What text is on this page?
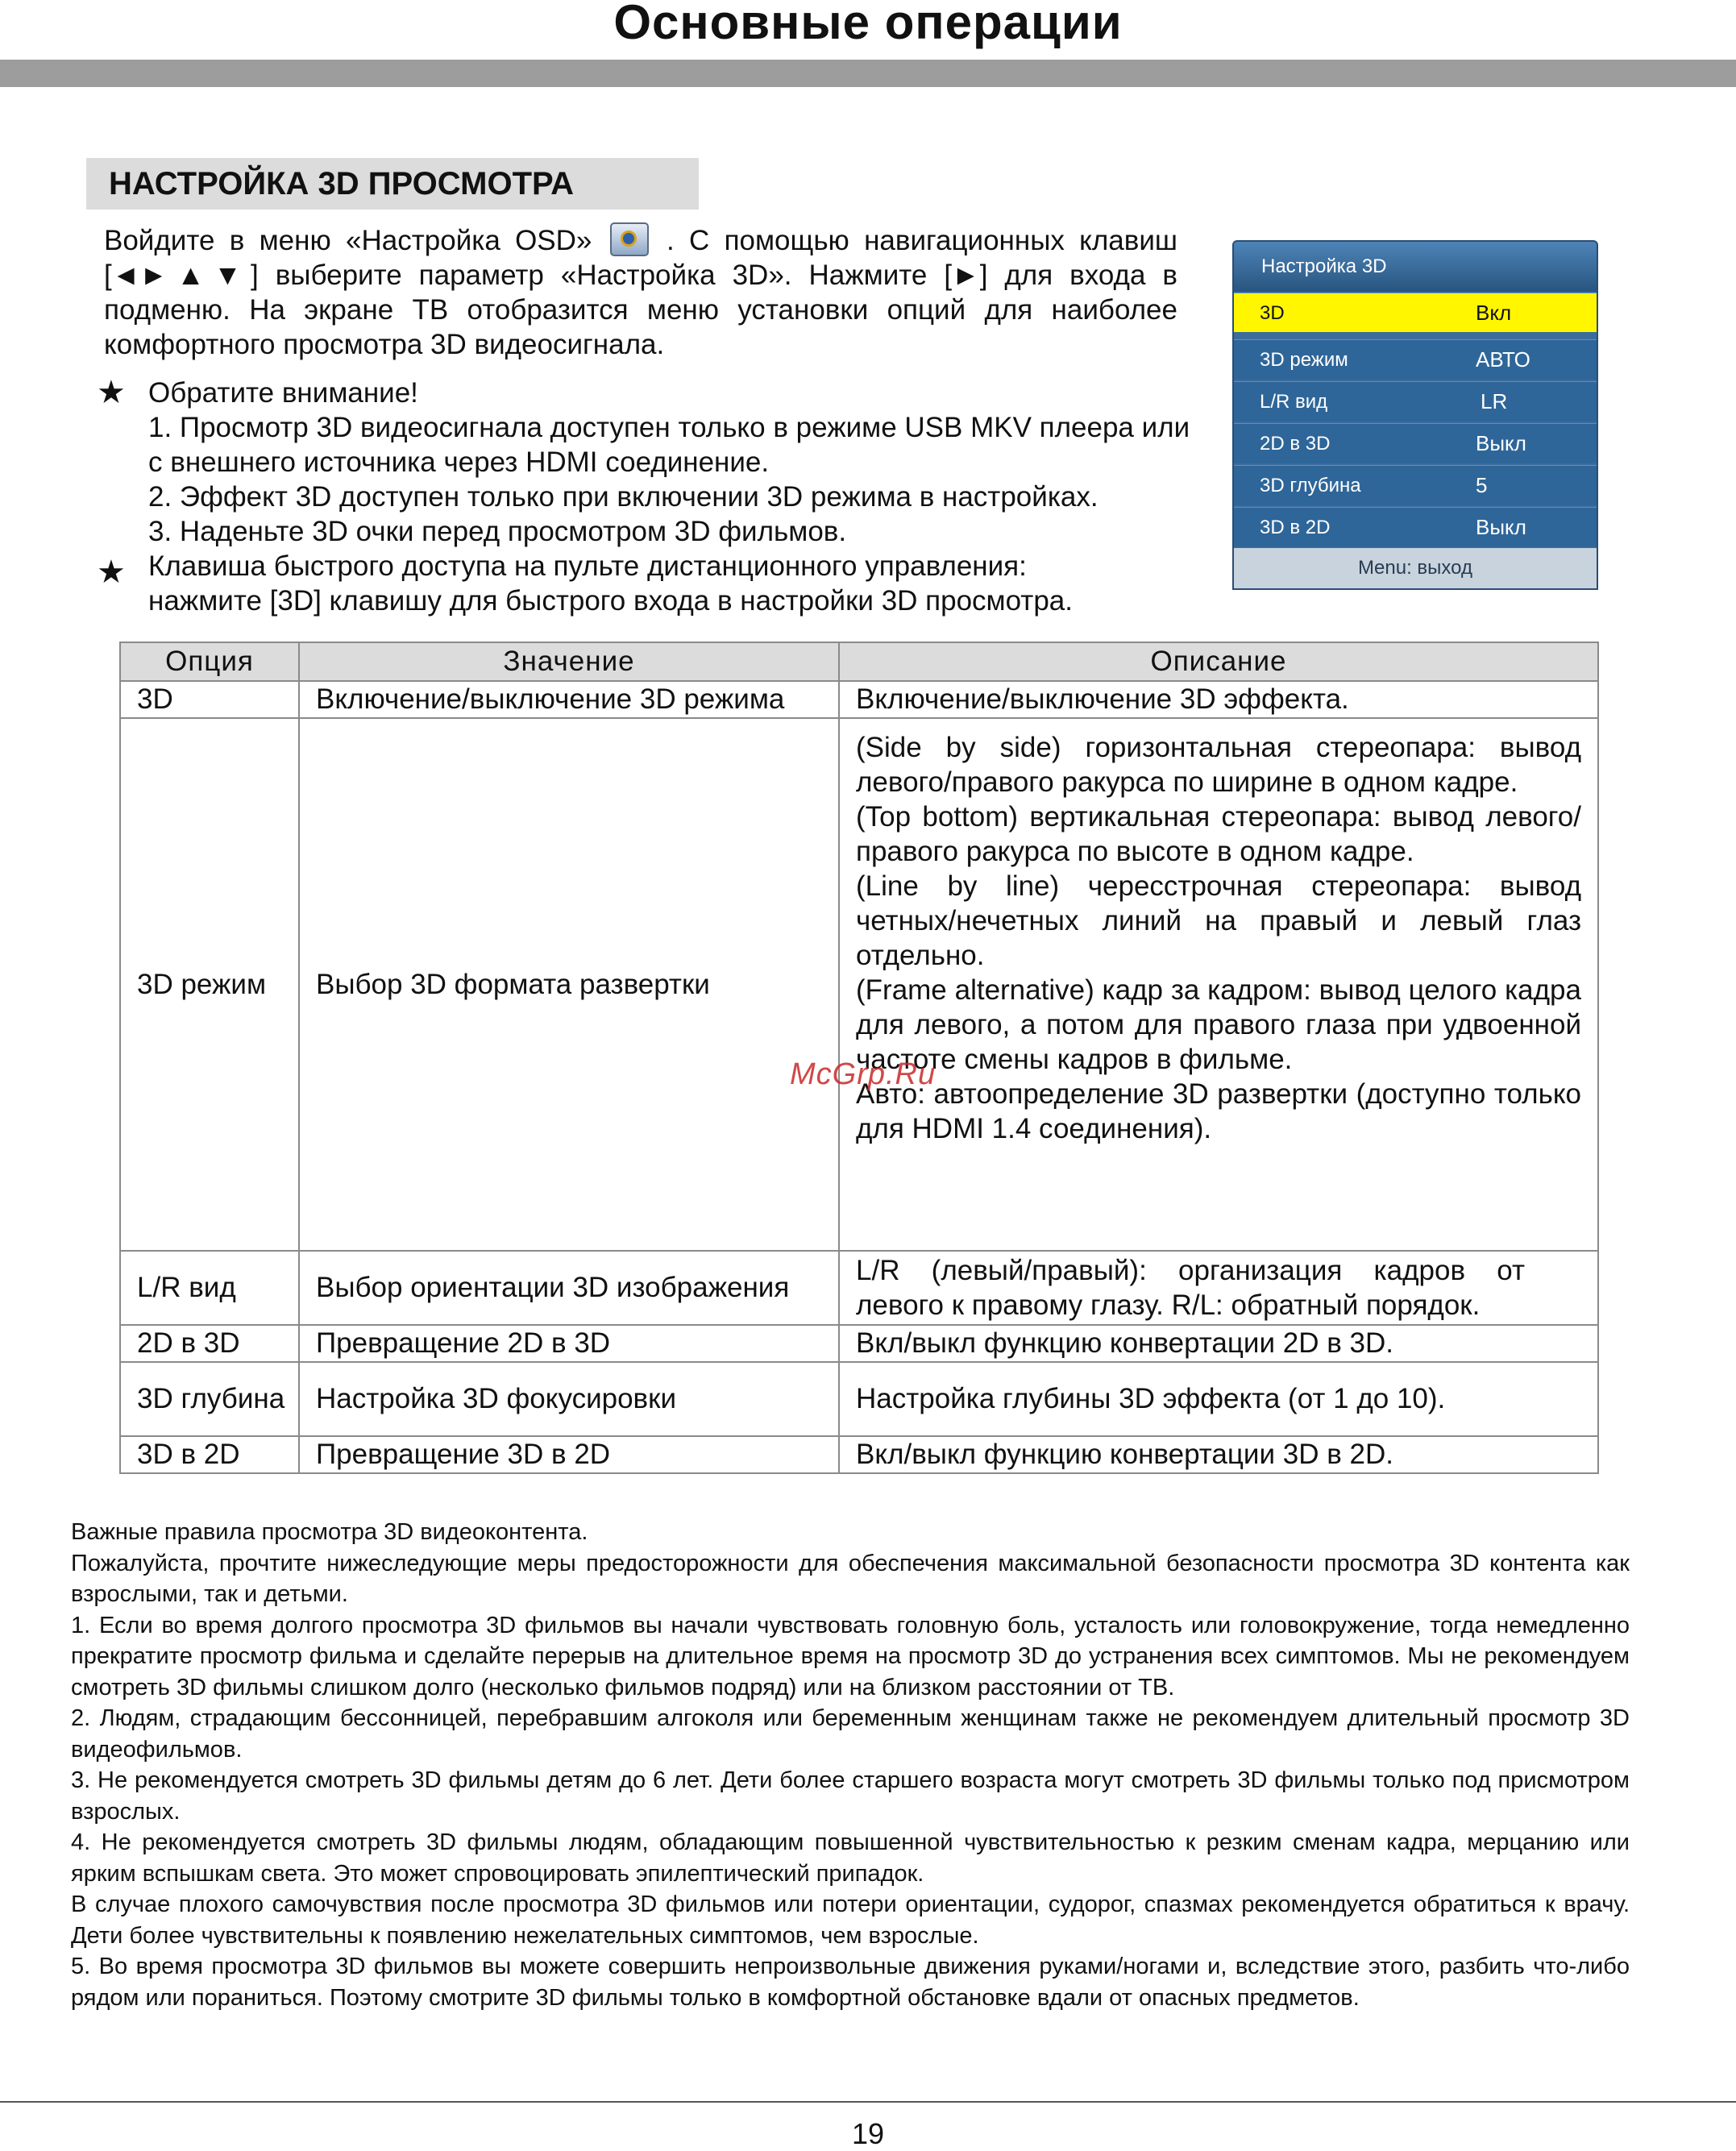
Основные операции
НАСТРОЙКА 3D ПРОСМОТРА
Войдите в меню «Настройка OSD»	. С помощью навигационных клавиш [◄►▲▼] выберите параметр «Настройка 3D». Нажмите [►] для входа в подменю. На экране ТВ отобразится меню установки опций для наиболее комфортного просмотра 3D видеосигнала.
★ Обратите внимание!
1. Просмотр 3D видеосигнала доступен только в режиме USB MKV плеера или с внешнего источника через HDMI соединение.
2. Эффект 3D доступен только при включении 3D режима в настройках.
3. Наденьте 3D очки перед просмотром 3D фильмов.
★ Клавиша быстрого доступа на пульте дистанционного управления:
нажмите [3D] клавишу для быстрого входа в настройки 3D просмотра.
Настройка 3D
3D	Вкл
3D режим	АВТО
L/R вид	LR
2D в 3D	Выкл
3D глубина	5
3D в 2D	Выкл
Menu: выход
Опция	Значение	Описание
3D	Включение/выключение 3D режима	Включение/выключение 3D эффекта.
3D режим	Выбор 3D формата развертки	(Side by side) горизонтальная стереопара: вывод левого/правого ракурса по ширине в одном кадре.
(Top bottom) вертикальная стереопара: вывод левого/правого ракурса по высоте в одном кадре.
(Line by line) чересстрочная стереопара: вывод четных/нечетных линий на правый и левый глаз отдельно.
(Frame alternative) кадр за кадром: вывод целого кадра для левого, а потом для правого глаза при удвоенной частоте смены кадров в фильме.
Авто: автоопределение 3D развертки (доступно только для HDMI 1.4 соединения).

L/R вид	Выбор ориентации 3D изображения	L/R (левый/правый): организация кадров от левого к правому глазу. R/L: обратный порядок.
2D в 3D	Превращение 2D в 3D	Вкл/выкл функцию конвертации 2D в 3D.
3D глубина	Настройка 3D фокусировки	Настройка глубины 3D эффекта (от 1 до 10).
3D в 2D	Превращение 3D в 2D	Вкл/выкл функцию конвертации 3D в 2D.
McGrp.Ru

Важные правила просмотра 3D видеоконтента.

Пожалуйста, прочтите нижеследующие меры предосторожности для обеспечения максимальной безопасности просмотра 3D контента как взрослыми, так и детьми.

1. Если во время долгого просмотра 3D фильмов вы начали чувствовать головную боль, усталость или головокружение, тогда немедленно прекратите просмотр фильма и сделайте перерыв на длительное время на просмотр 3D до устранения всех симптомов. Мы не рекомендуем смотреть 3D фильмы слишком долго (несколько фильмов подряд) или на близком расстоянии от ТВ.

2. Людям, страдающим бессонницей, перебравшим алгоколя или беременным женщинам также не рекомендуем длительный просмотр 3D видеофильмов.

3. Не рекомендуется смотреть 3D фильмы детям до 6 лет. Дети более старшего возраста могут смотреть 3D фильмы только под присмотром взрослых.

4. Не рекомендуется смотреть 3D фильмы людям, обладающим повышенной чувствительностью к резким сменам кадра, мерцанию или ярким вспышкам света. Это может спровоцировать эпилептический припадок.

В случае плохого самочувствия после просмотра 3D фильмов или потери ориентации, судорог, спазмах рекомендуется обратиться к врачу. Дети более чувствительны к появлению нежелательных симптомов, чем взрослые.

5. Во время просмотра 3D фильмов вы можете совершить непроизвольные движения руками/ногами и, вследствие этого, разбить что-либо рядом или пораниться. Поэтому смотрите 3D фильмы только в комфортной обстановке вдали от опасных предметов.

19
